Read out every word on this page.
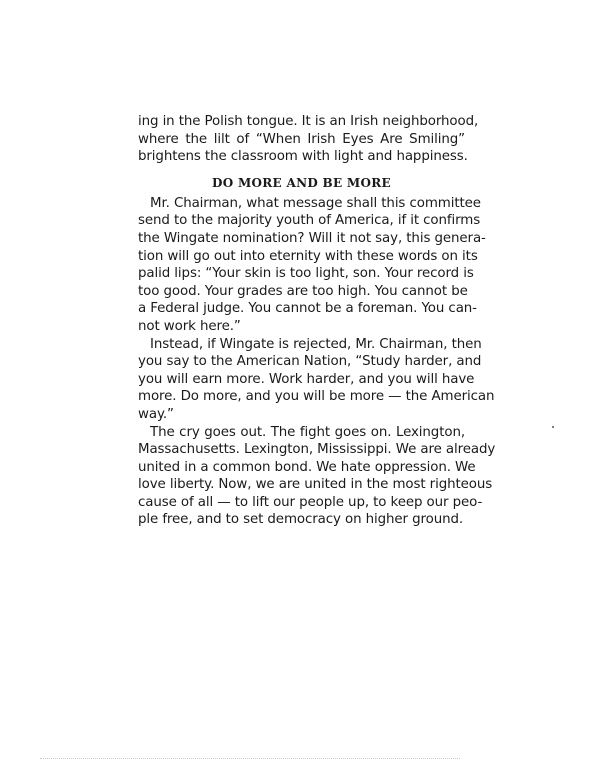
ing in the Polish tongue. It is an Irish neighborhood,
where the lilt of “When Irish Eyes Are Smiling”
brightens the classroom with light and happiness.
DO MORE AND BE MORE
Mr. Chairman, what message shall this committee
send to the majority youth of America, if it confirms
the Wingate nomination? Will it not say, this genera-
tion will go out into eternity with these words on its
palid lips: “Your skin is too light, son. Your record is
too good. Your grades are too high. You cannot be
a Federal judge. You cannot be a foreman. You can-
not work here.”
Instead, if Wingate is rejected, Mr. Chairman, then
you say to the American Nation, “Study harder, and
you will earn more. Work harder, and you will have
more. Do more, and you will be more — the American
way.”
The cry goes out. The fight goes on. Lexington,
Massachusetts. Lexington, Mississippi. We are already
united in a common bond. We hate oppression. We
love liberty. Now, we are united in the most righteous
cause of all — to lift our people up, to keep our peo-
ple free, and to set democracy on higher ground.
